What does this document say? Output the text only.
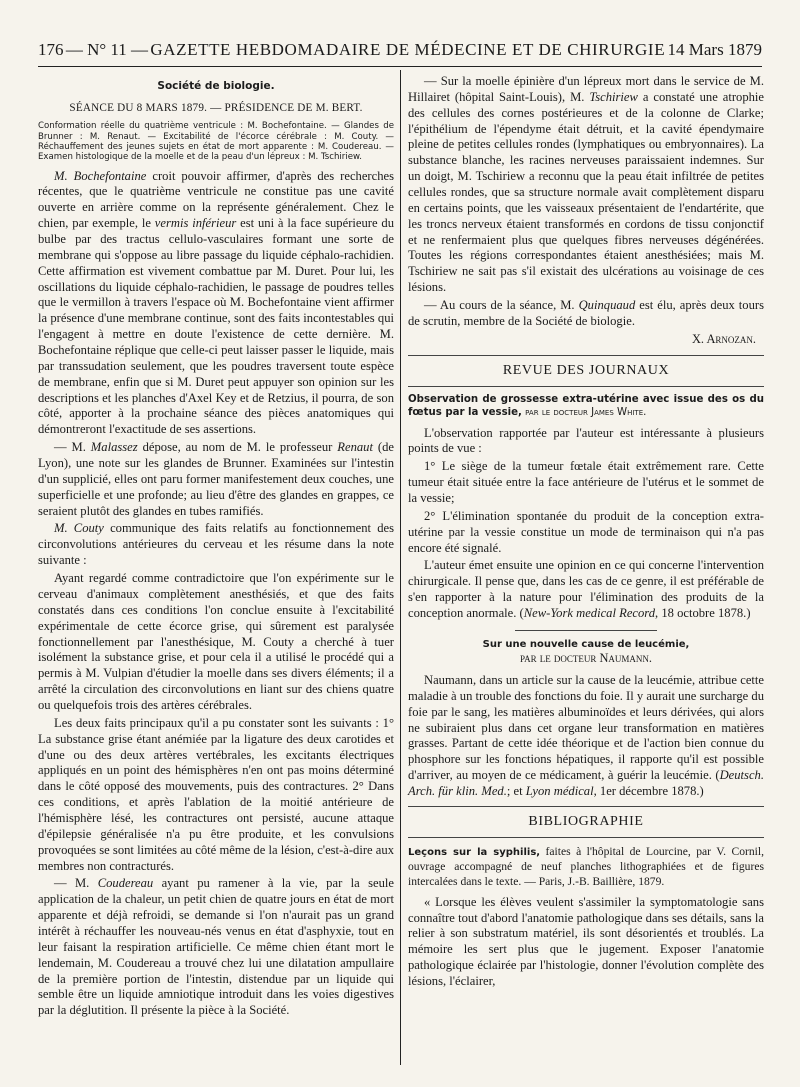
176 — N° 11 — GAZETTE HEBDOMADAIRE DE MÉDECINE ET DE CHIRURGIE 14 Mars 1879
Société de biologie.
SÉANCE DU 8 MARS 1879. — PRÉSIDENCE DE M. BERT.
Conformation réelle du quatrième ventricule : M. Bochefontaine. — Glandes de Brunner : M. Renaut. — Excitabilité de l'écorce cérébrale : M. Couty. — Réchauffement des jeunes sujets en état de mort apparente : M. Coudereau. — Examen histologique de la moelle et de la peau d'un lépreux : M. Tschiriew.

M. Bochefontaine croit pouvoir affirmer, d'après des recherches récentes, que le quatrième ventricule ne constitue pas une cavité ouverte en arrière comme on la représente généralement. Chez le chien, par exemple, le vermis inférieur est uni à la face supérieure du bulbe par des tractus cellulo-vasculaires formant une sorte de membrane qui s'oppose au libre passage du liquide céphalo-rachidien. Cette affirmation est vivement combattue par M. Duret. Pour lui, les oscillations du liquide céphalo-rachidien, le passage de poudres telles que le vermillon à travers l'espace où M. Bochefontaine vient affirmer la présence d'une membrane continue, sont des faits incontestables qui l'engagent à mettre en doute l'existence de cette dernière. M. Bochefontaine réplique que celle-ci peut laisser passer le liquide, mais par transsudation seulement, que les poudres traversent toute espèce de membrane, enfin que si M. Duret peut appuyer son opinion sur les descriptions et les planches d'Axel Key et de Retzius, il pourra, de son côté, apporter à la prochaine séance des pièces anatomiques qui démontreront l'exactitude de ses assertions.

— M. Malassez dépose, au nom de M. le professeur Renaut (de Lyon), une note sur les glandes de Brunner. Examinées sur l'intestin d'un supplicié, elles ont paru former manifestement deux couches, une superficielle et une profonde; au lieu d'être des glandes en grappes, ce seraient plutôt des glandes en tubes ramifiés.

M. Couty communique des faits relatifs au fonctionnement des circonvolutions antérieures du cerveau et les résume dans la note suivante :

Ayant regardé comme contradictoire que l'on expérimente sur le cerveau d'animaux complètement anesthésiés, et que des faits constatés dans ces conditions l'on conclue ensuite à l'excitabilité expérimentale de cette écorce grise, qui sûrement est paralysée fonctionnellement par l'anesthésique, M. Couty a cherché à tuer isolément la substance grise, et pour cela il a utilisé le procédé qui a permis à M. Vulpian d'étudier la moelle dans ses divers éléments; il a arrêté la circulation des circonvolutions en liant sur des chiens quatre ou quelquefois trois des artères cérébrales.

Les deux faits principaux qu'il a pu constater sont les suivants : 1° La substance grise étant anémiée par la ligature des deux carotides et d'une ou des deux artères vertébrales, les excitants électriques appliqués en un point des hémisphères n'en ont pas moins déterminé dans le côté opposé des mouvements, puis des contractures. 2° Dans ces conditions, et après l'ablation de la moitié antérieure de l'hémisphère lésé, les contractures ont persisté, aucune attaque d'épilepsie généralisée n'a pu être produite, et les convulsions provoquées se sont limitées au côté même de la lésion, c'est-à-dire aux membres non contracturés.

— M. Coudereau ayant pu ramener à la vie, par la seule application de la chaleur, un petit chien de quatre jours en état de mort apparente et déjà refroidi, se demande si l'on n'aurait pas un grand intérêt à réchauffer les nouveau-nés venus en état d'asphyxie, tout en leur faisant la respiration artificielle. Ce même chien étant mort le lendemain, M. Coudereau a trouvé chez lui une dilatation ampullaire de la première portion de l'intestin, distendue par un liquide qui semble être un liquide amniotique introduit dans les voies digestives par la déglutition. Il présente la pièce à la Société.

— Sur la moelle épinière d'un lépreux mort dans le service de M. Hillairet (hôpital Saint-Louis), M. Tschiriew a constaté une atrophie des cellules des cornes postérieures et de la colonne de Clarke; l'épithélium de l'épendyme était détruit, et la cavité épendymaire pleine de petites cellules rondes (lymphatiques ou embryonnaires). La substance blanche, les racines nerveuses paraissaient indemnes. Sur un doigt, M. Tschiriew a reconnu que la peau était infiltrée de petites cellules rondes, que sa structure normale avait complètement disparu en certains points, que les vaisseaux présentaient de l'endartérite, que les troncs nerveux étaient transformés en cordons de tissu conjonctif et ne renfermaient plus que quelques fibres nerveuses dégénérées. Toutes les régions correspondantes étaient anesthésiées; mais M. Tschiriew ne sait pas s'il existait des ulcérations au voisinage de ces lésions.

— Au cours de la séance, M. Quinquaud est élu, après deux tours de scrutin, membre de la Société de biologie.

X. Arnozan.
REVUE DES JOURNAUX

Observation de grossesse extra-utérine avec issue des os du fœtus par la vessie, par le docteur James White.

L'observation rapportée par l'auteur est intéressante à plusieurs points de vue :

1° Le siège de la tumeur fœtale était extrêmement rare. Cette tumeur était située entre la face antérieure de l'utérus et le sommet de la vessie;

2° L'élimination spontanée du produit de la conception extra-utérine par la vessie constitue un mode de terminaison qui n'a pas encore été signalé.

L'auteur émet ensuite une opinion en ce qui concerne l'intervention chirurgicale. Il pense que, dans les cas de ce genre, il est préférable de s'en rapporter à la nature pour l'élimination des produits de la conception anormale. (New-York medical Record, 18 octobre 1878.)

Sur une nouvelle cause de leucémie,
par le docteur Naumann.

Naumann, dans un article sur la cause de la leucémie, attribue cette maladie à un trouble des fonctions du foie. Il y aurait une surcharge du foie par le sang, les matières albuminoïdes et leurs dérivées, qui alors ne subiraient plus dans cet organe leur transformation en matières grasses. Partant de cette idée théorique et de l'action bien connue du phosphore sur les fonctions hépatiques, il rapporte qu'il est possible d'arriver, au moyen de ce médicament, à guérir la leucémie. (Deutsch. Arch. für klin. Med.; et Lyon médical, 1er décembre 1878.)

BIBLIOGRAPHIE

Leçons sur la syphilis, faites à l'hôpital de Lourcine, par V. Cornil, ouvrage accompagné de neuf planches lithographiées et de figures intercalées dans le texte. — Paris, J.-B. Baillière, 1879.

« Lorsque les élèves veulent s'assimiler la symptomatologie sans connaître tout d'abord l'anatomie pathologique dans ses détails, sans la relier à son substratum matériel, ils sont désorientés et troublés. La mémoire les sert plus que le jugement. Exposer l'anatomie pathologique éclairée par l'histologie, donner l'évolution complète des lésions, l'éclairer,
